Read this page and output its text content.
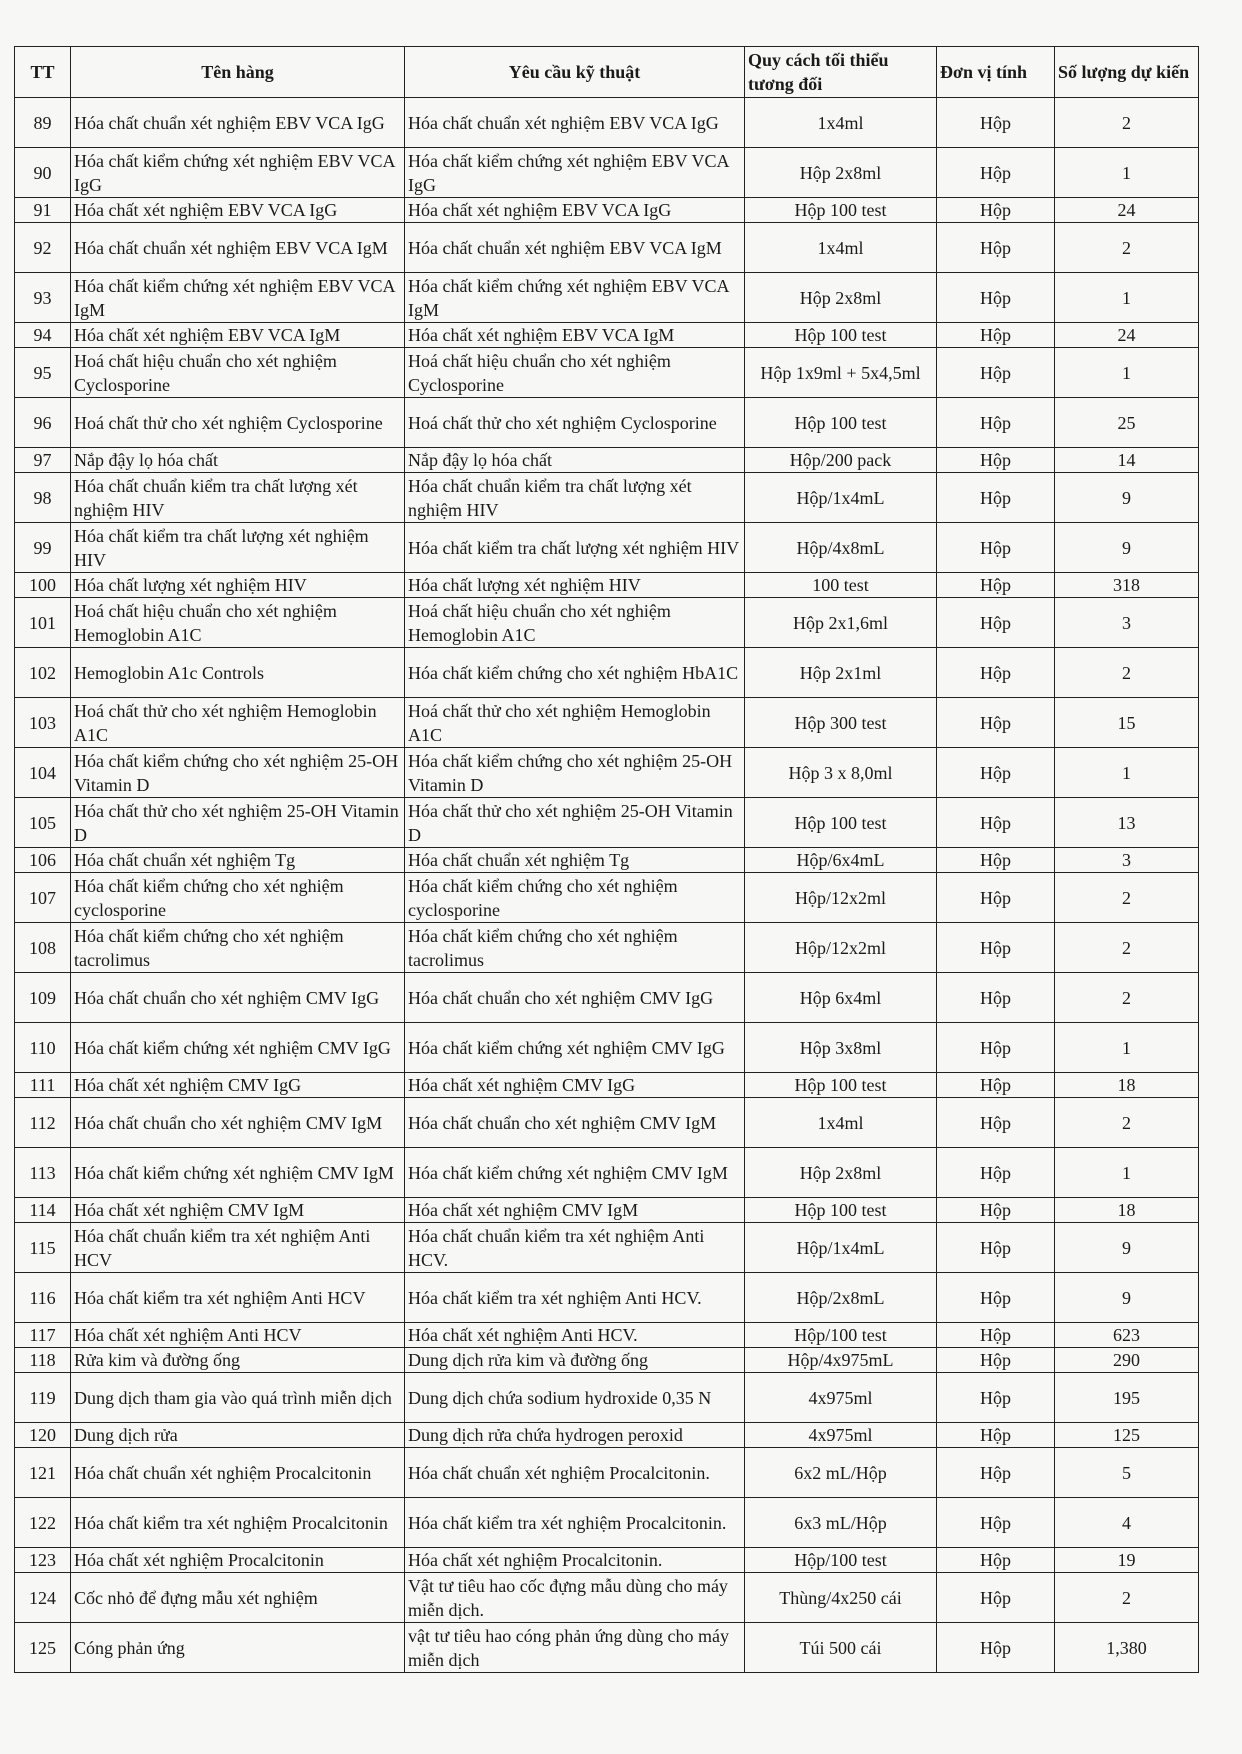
TT	Tên hàng	Yêu cầu kỹ thuật	Quy cách tối thiểu tương đối	Đơn vị tính	Số lượng dự kiến
89	Hóa chất chuẩn xét nghiệm EBV VCA IgG	Hóa chất chuẩn xét nghiệm EBV VCA IgG	1x4ml	Hộp	2
90	Hóa chất kiểm chứng xét nghiệm EBV VCA IgG	Hóa chất kiểm chứng xét nghiệm EBV VCA IgG	Hộp 2x8ml	Hộp	1
91	Hóa chất xét nghiệm EBV VCA IgG	Hóa chất xét nghiệm EBV VCA IgG	Hộp 100 test	Hộp	24
92	Hóa chất chuẩn xét nghiệm EBV VCA IgM	Hóa chất chuẩn xét nghiệm EBV VCA IgM	1x4ml	Hộp	2
93	Hóa chất kiểm chứng xét nghiệm EBV VCA IgM	Hóa chất kiểm chứng xét nghiệm EBV VCA IgM	Hộp 2x8ml	Hộp	1
94	Hóa chất xét nghiệm EBV VCA IgM	Hóa chất xét nghiệm EBV VCA IgM	Hộp 100 test	Hộp	24
95	Hoá chất hiệu chuẩn cho xét nghiệm Cyclosporine	Hoá chất hiệu chuẩn cho xét nghiệm Cyclosporine	Hộp 1x9ml + 5x4,5ml	Hộp	1
96	Hoá chất thử cho xét nghiệm Cyclosporine	Hoá chất thử cho xét nghiệm Cyclosporine	Hộp 100 test	Hộp	25
97	Nắp đậy lọ hóa chất	Nắp đậy lọ hóa chất	Hộp/200 pack	Hộp	14
98	Hóa chất chuẩn kiểm tra chất lượng xét nghiệm HIV	Hóa chất chuẩn kiểm tra chất lượng xét nghiệm HIV	Hộp/1x4mL	Hộp	9
99	Hóa chất kiểm tra chất lượng xét nghiệm HIV	Hóa chất kiểm tra chất lượng xét nghiệm HIV	Hộp/4x8mL	Hộp	9
100	Hóa chất lượng xét nghiệm HIV	Hóa chất lượng xét nghiệm HIV	100 test	Hộp	318
101	Hoá chất hiệu chuẩn cho xét nghiệm Hemoglobin A1C	Hoá chất hiệu chuẩn cho xét nghiệm Hemoglobin A1C	Hộp 2x1,6ml	Hộp	3
102	Hemoglobin A1c Controls	Hóa chất kiểm chứng cho xét nghiệm HbA1C	Hộp 2x1ml	Hộp	2
103	Hoá chất thử cho xét nghiệm Hemoglobin A1C	Hoá chất thử cho xét nghiệm Hemoglobin A1C	Hộp 300 test	Hộp	15
104	Hóa chất kiểm chứng cho xét nghiệm 25-OH Vitamin D	Hóa chất kiểm chứng cho xét nghiệm 25-OH Vitamin D	Hộp 3 x 8,0ml	Hộp	1
105	Hóa chất thử cho xét nghiệm 25-OH Vitamin D	Hóa chất thử cho xét nghiệm 25-OH Vitamin D	Hộp 100 test	Hộp	13
106	Hóa chất chuẩn xét nghiệm Tg	Hóa chất chuẩn xét nghiệm Tg	Hộp/6x4mL	Hộp	3
107	Hóa chất kiểm chứng cho xét nghiệm cyclosporine	Hóa chất kiểm chứng cho xét nghiệm cyclosporine	Hộp/12x2ml	Hộp	2
108	Hóa chất kiểm chứng cho xét nghiệm tacrolimus	Hóa chất kiểm chứng cho xét nghiệm tacrolimus	Hộp/12x2ml	Hộp	2
109	Hóa chất chuẩn cho xét nghiệm CMV IgG	Hóa chất chuẩn cho xét nghiệm CMV IgG	Hộp 6x4ml	Hộp	2
110	Hóa chất kiểm chứng xét nghiệm CMV IgG	Hóa chất kiểm chứng xét nghiệm CMV IgG	Hộp 3x8ml	Hộp	1
111	Hóa chất xét nghiệm CMV IgG	Hóa chất xét nghiệm CMV IgG	Hộp 100 test	Hộp	18
112	Hóa chất chuẩn cho xét nghiệm CMV IgM	Hóa chất chuẩn cho xét nghiệm CMV IgM	1x4ml	Hộp	2
113	Hóa chất kiểm chứng xét nghiệm CMV IgM	Hóa chất kiểm chứng xét nghiệm CMV IgM	Hộp 2x8ml	Hộp	1
114	Hóa chất xét nghiệm CMV IgM	Hóa chất xét nghiệm CMV IgM	Hộp 100 test	Hộp	18
115	Hóa chất chuẩn kiểm tra xét nghiệm Anti HCV	Hóa chất chuẩn kiểm tra xét nghiệm Anti HCV.	Hộp/1x4mL	Hộp	9
116	Hóa chất kiểm tra xét nghiệm Anti HCV	Hóa chất kiểm tra xét nghiệm Anti HCV.	Hộp/2x8mL	Hộp	9
117	Hóa chất xét nghiệm Anti HCV	Hóa chất xét nghiệm Anti HCV.	Hộp/100 test	Hộp	623
118	Rửa kim và đường ống	Dung dịch rửa kim và đường ống	Hộp/4x975mL	Hộp	290
119	Dung dịch tham gia vào quá trình miễn dịch	Dung dịch chứa sodium hydroxide 0,35 N	4x975ml	Hộp	195
120	Dung dịch rửa	Dung dịch rửa chứa hydrogen peroxid	4x975ml	Hộp	125
121	Hóa chất chuẩn xét nghiệm Procalcitonin	Hóa chất chuẩn xét nghiệm Procalcitonin.	6x2 mL/Hộp	Hộp	5
122	Hóa chất kiểm tra xét nghiệm Procalcitonin	Hóa chất kiểm tra xét nghiệm Procalcitonin.	6x3 mL/Hộp	Hộp	4
123	Hóa chất xét nghiệm Procalcitonin	Hóa chất xét nghiệm Procalcitonin.	Hộp/100 test	Hộp	19
124	Cốc nhỏ để đựng mẫu xét nghiệm	Vật tư tiêu hao cốc đựng mẫu dùng cho máy miễn dịch.	Thùng/4x250 cái	Hộp	2
125	Cóng phản ứng	vật tư tiêu hao cóng phản ứng dùng cho máy miễn dịch	Túi 500 cái	Hộp	1,380
